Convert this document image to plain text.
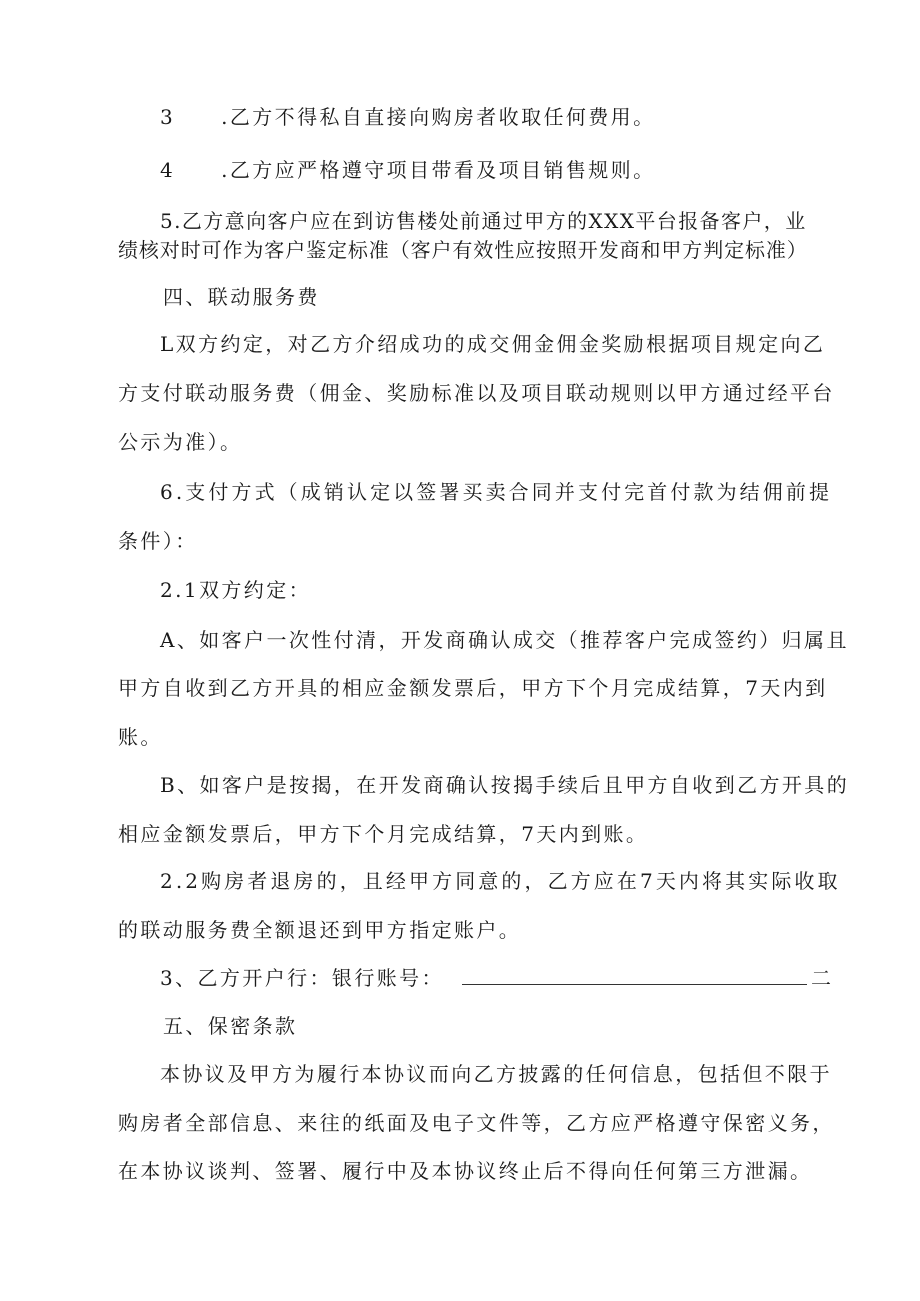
3 .乙方不得私自直接向购房者收取任何费用。
4 .乙方应严格遵守项目带看及项目销售规则。
5.乙方意向客户应在到访售楼处前通过甲方的XXX平台报备客户，业
绩核对时可作为客户鉴定标准（客户有效性应按照开发商和甲方判定标准）
四、联动服务费
L双方约定，对乙方介绍成功的成交佣金佣金奖励根据项目规定向乙
方支付联动服务费（佣金、奖励标准以及项目联动规则以甲方通过经平台
公示为准）。
6.支付方式（成销认定以签署买卖合同并支付完首付款为结佣前提
条件）：
2.1双方约定：
A、如客户一次性付清，开发商确认成交（推荐客户完成签约）归属且
甲方自收到乙方开具的相应金额发票后，甲方下个月完成结算，7天内到
账。
B、如客户是按揭，在开发商确认按揭手续后且甲方自收到乙方开具的
相应金额发票后，甲方下个月完成结算，7天内到账。
2.2购房者退房的，且经甲方同意的，乙方应在7天内将其实际收取
的联动服务费全额退还到甲方指定账户。
3、乙方开户行：银行账号：	二
五、保密条款
本协议及甲方为履行本协议而向乙方披露的任何信息，包括但不限于
购房者全部信息、来往的纸面及电子文件等，乙方应严格遵守保密义务，
在本协议谈判、签署、履行中及本协议终止后不得向任何第三方泄漏。
